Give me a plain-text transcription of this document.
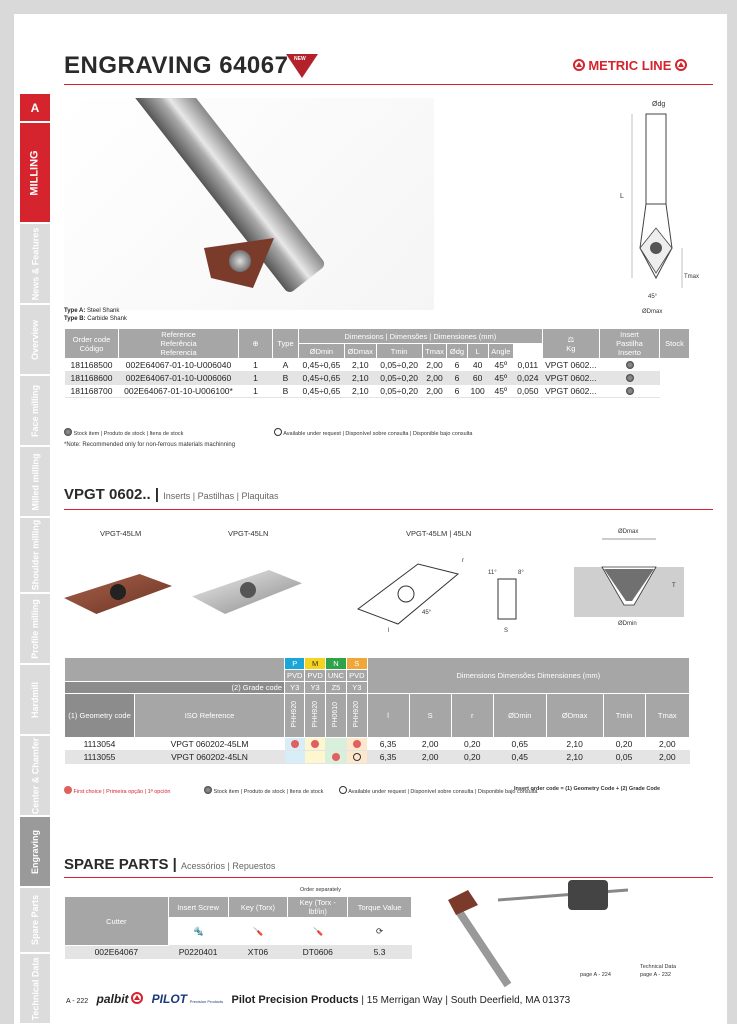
A
MILLING
News & Features
Overview
Face milling
Milled milling
Shoulder milling
Profile milling
Hardmill
Center & Chamfer
Engraving
Spare Parts
Technical Data
ENGRAVING 64067 NEW	METRIC LINE
Type A: Steel Shank
Type B: Carbide Shank
Ødg
L
Tmax
45°
ØDmax
Order code
Código	Reference
Referência
Referencia	⊕	Type	Dimensions | Dimensões | Dimensiones (mm)								⚖
Kg	Insert
Pastilha
Inserto	Stock
				ØDmin	ØDmax	Tmin	Tmax	Ødg	L	Angle			
181168500	002E64067-01-10-U006040	1	A	0,45÷0,65	2,10	0,05÷0,20	2,00	6	40	45º	0,011	VPGT 0602...		
181168600	002E64067-01-10-U006060	1	B	0,45÷0,65	2,10	0,05÷0,20	2,00	6	60	45º	0,024	VPGT 0602...		
181168700	002E64067-01-10-U006100*	1	B	0,45÷0,65	2,10	0,05÷0,20	2,00	6	100	45º	0,050	VPGT 0602...		
Stock item | Produto de stock | Itens de stock	Available under request | Disponível sobre consulta | Disponible bajo consulta
*Note: Recommended only for non-ferrous materials machinning
VPGT 0602.. | Inserts | Pastilhas | Plaquitas
VPGT-45LM	VPGT-45LN	VPGT-45LM | 45LN
r
45°
l
11°	8°
S
ØDmax
T
ØDmin
		P	M	N	S	Dimensions Dimensões Dimensiones (mm)						
		PVD	PVD	UNC	PVD							
(2) Grade code		Y3	Y3	Z5	Y3							
(1) Geometry code	ISO Reference	PHH920	PHH920	PH0610	PHH920	l	S	r	ØDmin	ØDmax	Tmin	Tmax
1113054	VPGT 060202-45LM					6,35	2,00	0,20	0,65	2,10	0,20	2,00
1113055	VPGT 060202-45LN					6,35	2,00	0,20	0,45	2,10	0,05	2,00
First choice | Primeira opção | 1ª opción	Stock item | Produto de stock | Itens de stock	Available under request | Disponível sobre consulta | Disponible bajo consulta
Insert order code = (1) Geometry Code + (2) Grade Code
SPARE PARTS | Acessórios | Repuestos
Order separately
Cutter	Insert Screw	Key (Torx)	Key (Torx - lbf/in)	Torque Value
	🔩	🪛	🪛	⟳
002E64067	P0220401	XT06	DT0606	5.3
page A - 224
Technical Data
page A - 232
A - 222 palbit PILOT Precision Products Pilot Precision Products | 15 Merrigan Way | South Deerfield, MA 01373
